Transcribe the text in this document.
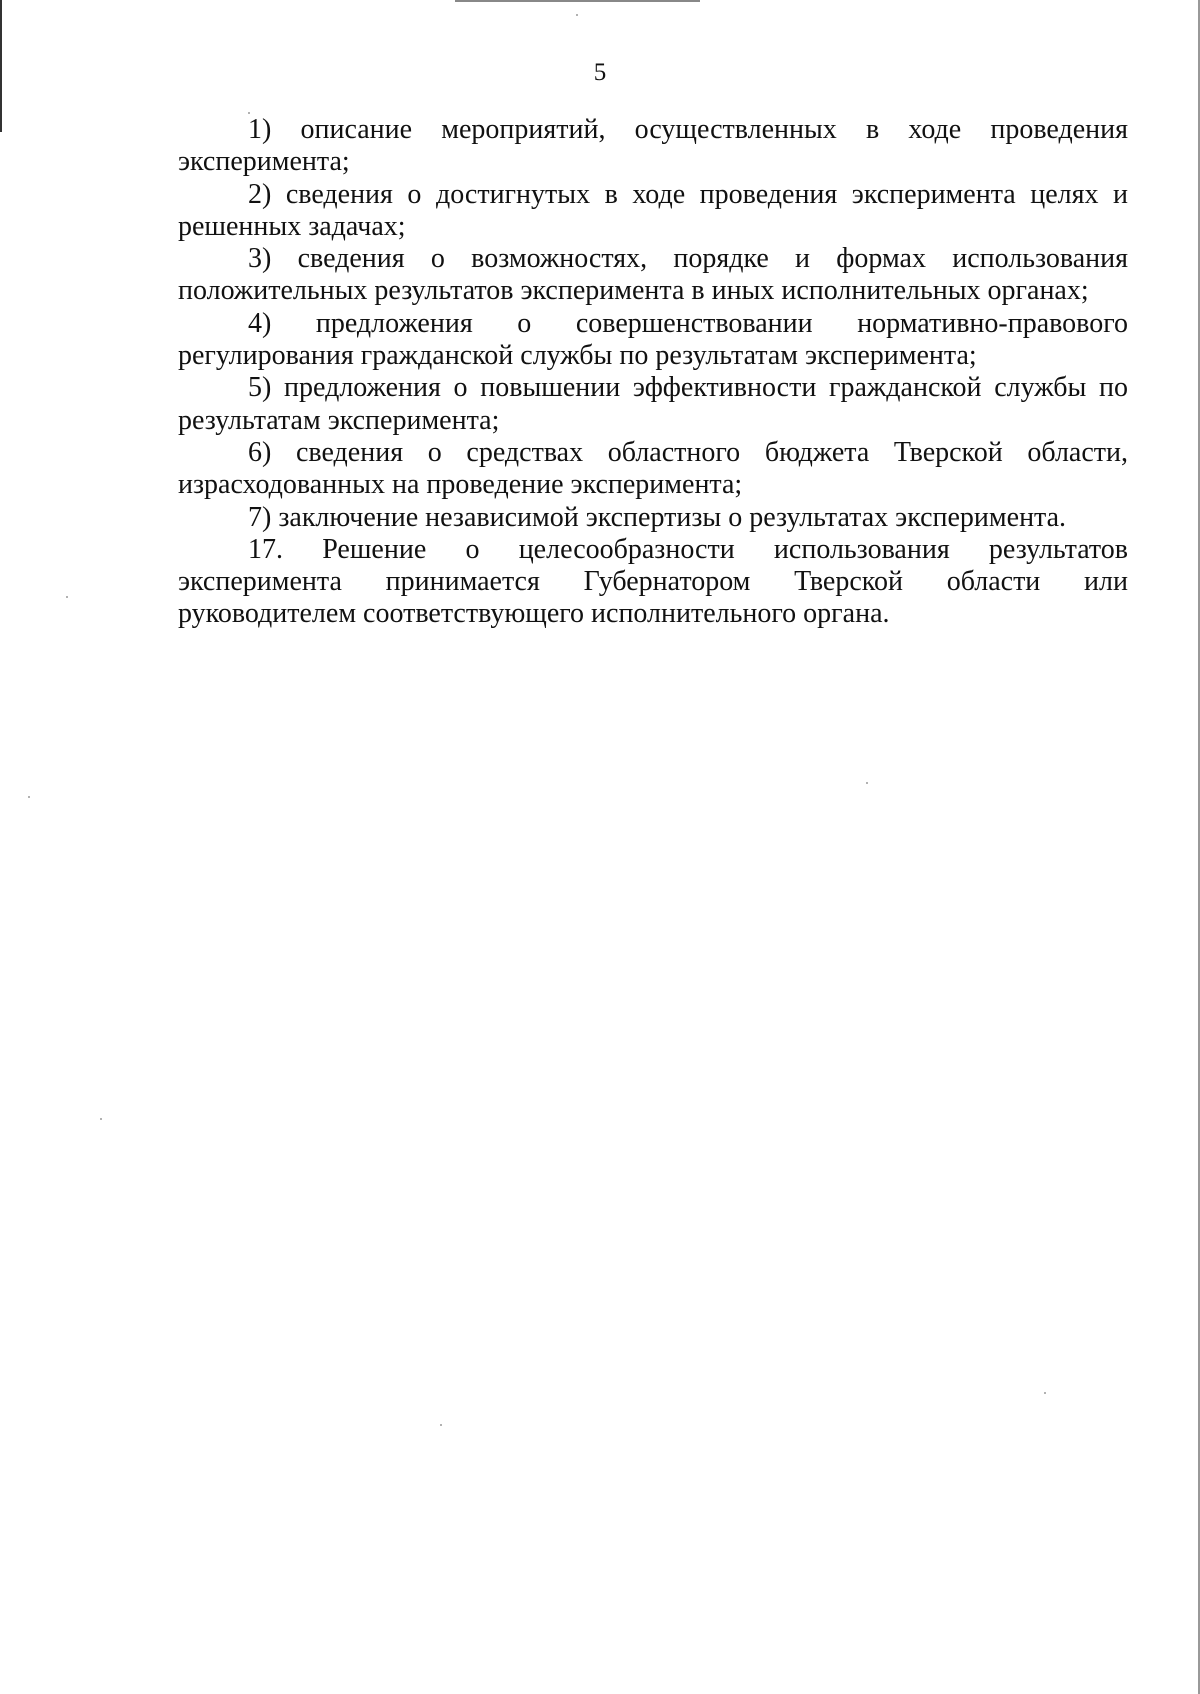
5

1) описание мероприятий, осуществленных в ходе проведения эксперимента;

2) сведения о достигнутых в ходе проведения эксперимента целях и решенных задачах;

3) сведения о возможностях, порядке и формах использования положительных результатов эксперимента в иных исполнительных органах;

4) предложения о совершенствовании нормативно-правового регулирования гражданской службы по результатам эксперимента;

5) предложения о повышении эффективности гражданской службы по результатам эксперимента;

6) сведения о средствах областного бюджета Тверской области, израсходованных на проведение эксперимента;

7) заключение независимой экспертизы о результатах эксперимента.

17. Решение о целесообразности использования результатов эксперимента принимается Губернатором Тверской области или руководителем соответствующего исполнительного органа.
